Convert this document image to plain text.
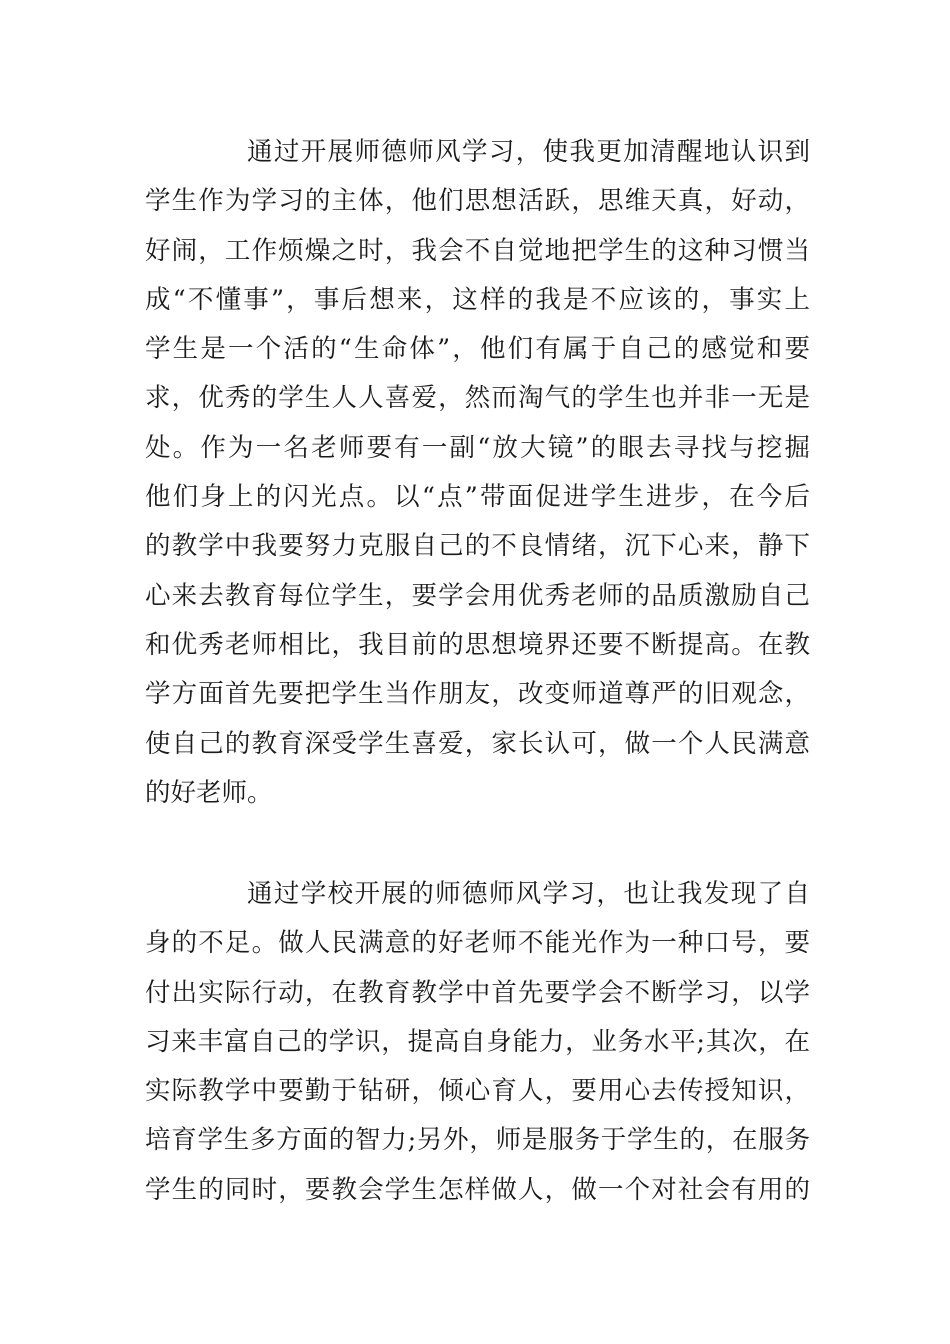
通过开展师德师风学习，使我更加清醒地认识到
学生作为学习的主体，他们思想活跃，思维天真，好动，
好闹，工作烦燥之时，我会不自觉地把学生的这种习惯当
成“不懂事”，事后想来，这样的我是不应该的，事实上
学生是一个活的“生命体”，他们有属于自己的感觉和要
求，优秀的学生人人喜爱，然而淘气的学生也并非一无是
处。作为一名老师要有一副“放大镜”的眼去寻找与挖掘
他们身上的闪光点。以“点”带面促进学生进步，在今后
的教学中我要努力克服自己的不良情绪，沉下心来，静下
心来去教育每位学生，要学会用优秀老师的品质激励自己
和优秀老师相比，我目前的思想境界还要不断提高。在教
学方面首先要把学生当作朋友，改变师道尊严的旧观念，
使自己的教育深受学生喜爱，家长认可，做一个人民满意
的好老师。
通过学校开展的师德师风学习，也让我发现了自
身的不足。做人民满意的好老师不能光作为一种口号，要
付出实际行动，在教育教学中首先要学会不断学习，以学
习来丰富自己的学识，提高自身能力，业务水平;其次，在
实际教学中要勤于钻研，倾心育人，要用心去传授知识，
培育学生多方面的智力;另外，师是服务于学生的，在服务
学生的同时，要教会学生怎样做人，做一个对社会有用的
